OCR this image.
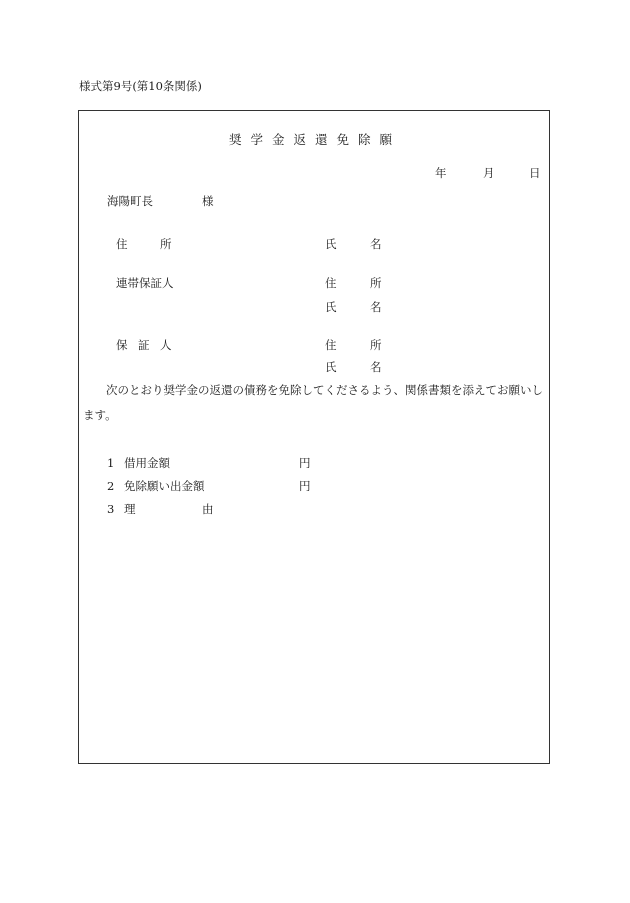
様式第9号(第10条関係)
奨学金返還免除願
年	月	日
海陽町長	様
住	所	氏	名
連帯保証人	住	所
氏	名
保 証 人	住	所
氏	名
次のとおり奨学金の返還の債務を免除してくださるよう、関係書類を添えてお願いし
ます。
1 借用金額	円
2 免除願い出金額	円
3 理	由
